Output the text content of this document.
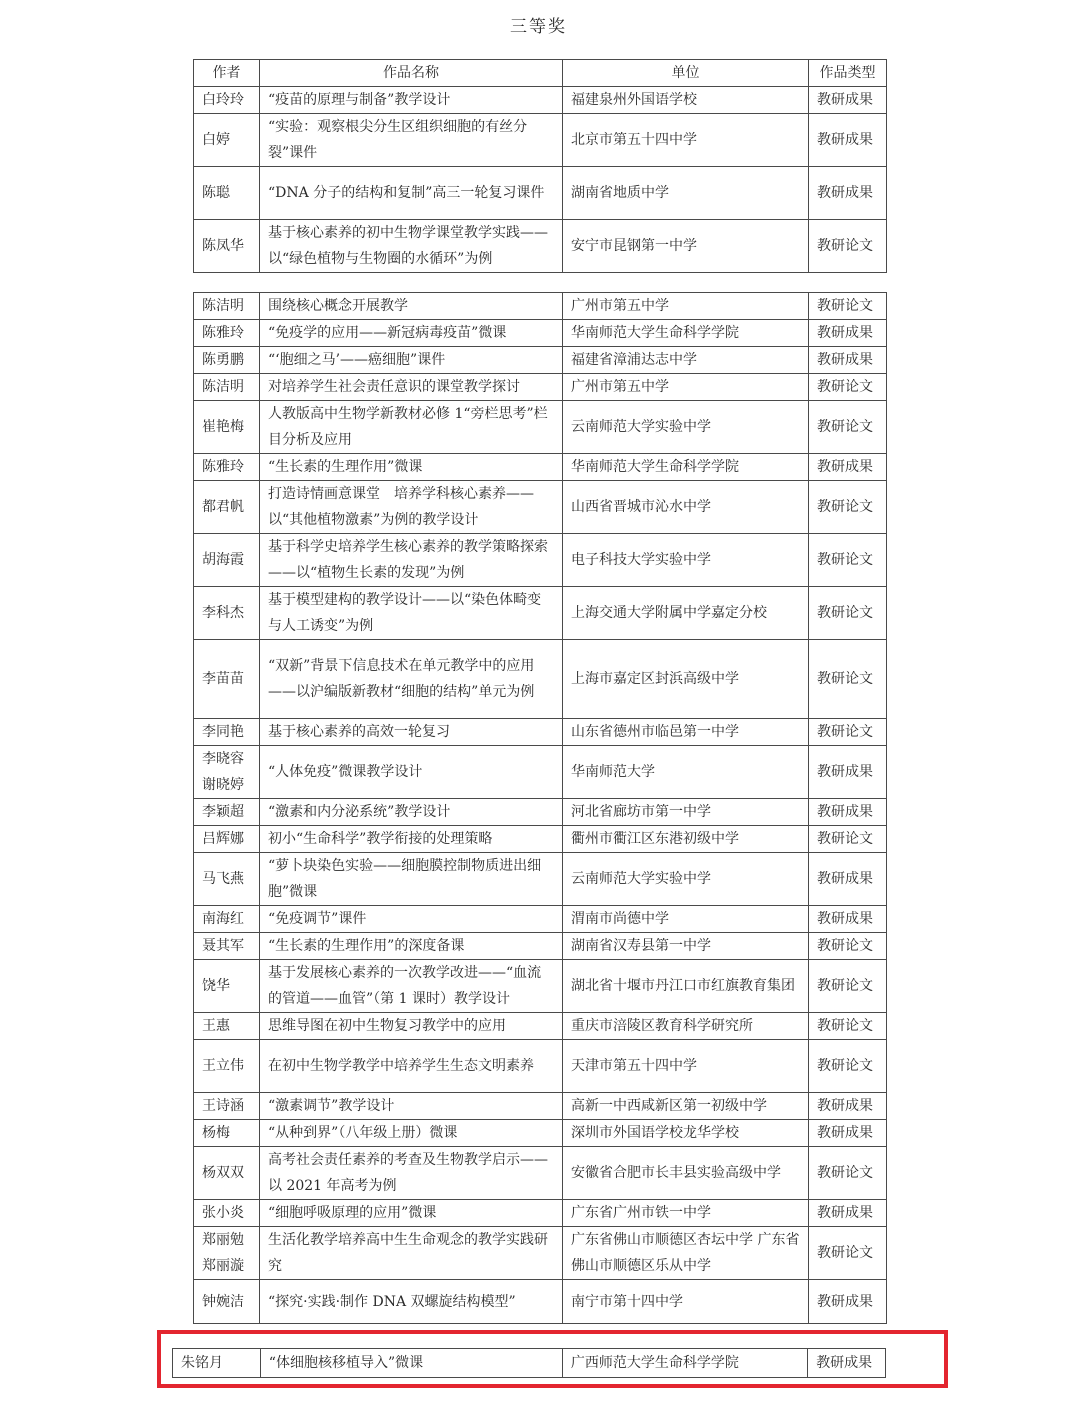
三等奖
作者	作品名称	单位	作品类型
白玲玲	“疫苗的原理与制备”教学设计	福建泉州外国语学校	教研成果
白婷	“实验：观察根尖分生区组织细胞的有丝分裂”课件	北京市第五十四中学	教研成果
陈聪	“DNA 分子的结构和复制”高三一轮复习课件	湖南省地质中学	教研成果
陈凤华	基于核心素养的初中生物学课堂教学实践——以“绿色植物与生物圈的水循环”为例	安宁市昆钢第一中学	教研论文
陈洁明	围绕核心概念开展教学	广州市第五中学	教研论文
陈雅玲	“免疫学的应用——新冠病毒疫苗”微课	华南师范大学生命科学学院	教研成果
陈勇鹏	“‘胞细之马’——癌细胞”课件	福建省漳浦达志中学	教研成果
陈洁明	对培养学生社会责任意识的课堂教学探讨	广州市第五中学	教研论文
崔艳梅	人教版高中生物学新教材必修 1“旁栏思考”栏目分析及应用	云南师范大学实验中学	教研论文
陈雅玲	“生长素的生理作用”微课	华南师范大学生命科学学院	教研成果
都君帆	打造诗情画意课堂　培养学科核心素养——以“其他植物激素”为例的教学设计	山西省晋城市沁水中学	教研论文
胡海霞	基于科学史培养学生核心素养的教学策略探索——以“植物生长素的发现”为例	电子科技大学实验中学	教研论文
李科杰	基于模型建构的教学设计——以“染色体畸变与人工诱变”为例	上海交通大学附属中学嘉定分校	教研论文
李苗苗	“双新”背景下信息技术在单元教学中的应用——以沪编版新教材“细胞的结构”单元为例	上海市嘉定区封浜高级中学	教研论文
李同艳	基于核心素养的高效一轮复习	山东省德州市临邑第一中学	教研论文
李晓容 谢晓婷	“人体免疫”微课教学设计	华南师范大学	教研成果
李颖超	“激素和内分泌系统”教学设计	河北省廊坊市第一中学	教研成果
吕辉娜	初小“生命科学”教学衔接的处理策略	衢州市衢江区东港初级中学	教研论文
马飞燕	“萝卜块染色实验——细胞膜控制物质进出细胞”微课	云南师范大学实验中学	教研成果
南海红	“免疫调节”课件	渭南市尚德中学	教研成果
聂其军	“生长素的生理作用”的深度备课	湖南省汉寿县第一中学	教研论文
饶华	基于发展核心素养的一次教学改进——“血流的管道——血管”（第 1 课时）教学设计	湖北省十堰市丹江口市红旗教育集团	教研论文
王惠	思维导图在初中生物复习教学中的应用	重庆市涪陵区教育科学研究所	教研论文
王立伟	在初中生物学教学中培养学生生态文明素养	天津市第五十四中学	教研论文
王诗涵	“激素调节”教学设计	高新一中西咸新区第一初级中学	教研成果
杨梅	“从种到界”（八年级上册）微课	深圳市外国语学校龙华学校	教研成果
杨双双	高考社会责任素养的考查及生物教学启示——以 2021 年高考为例	安徽省合肥市长丰县实验高级中学	教研论文
张小炎	“细胞呼吸原理的应用”微课	广东省广州市铁一中学	教研成果
郑丽勉 郑丽漩	生活化教学培养高中生生命观念的教学实践研究	广东省佛山市顺德区杏坛中学 广东省佛山市顺德区乐从中学	教研论文
钟婉洁	“探究·实践·制作 DNA 双螺旋结构模型”	南宁市第十四中学	教研成果
朱铭月	“体细胞核移植导入”微课	广西师范大学生命科学学院	教研成果
